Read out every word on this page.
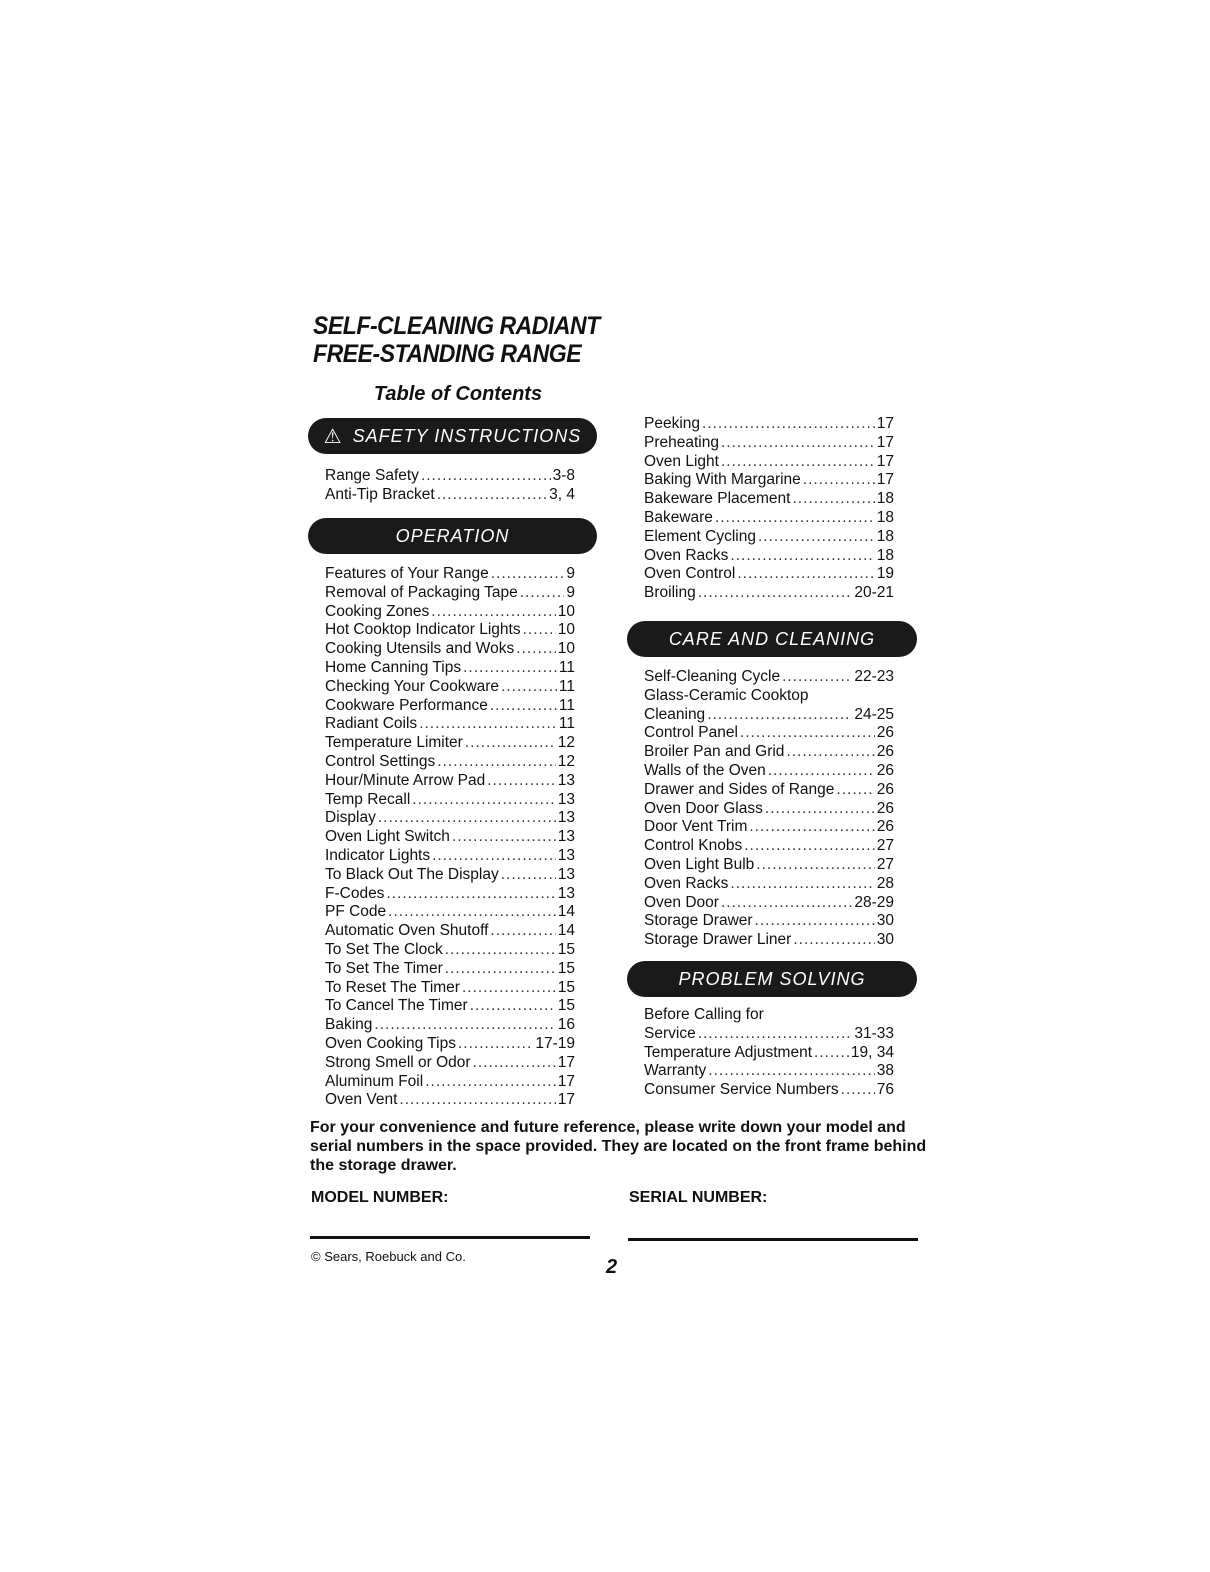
SELF-CLEANING RADIANT
FREE-STANDING RANGE
Table of Contents
⚠ SAFETY INSTRUCTIONS
Range Safety .....	3-8
Anti-Tip Bracket .....	3, 4
OPERATION
Features of Your Range .....	9
Removal of Packaging Tape .....	9
Cooking Zones .....	10
Hot Cooktop Indicator Lights ..... 10
Cooking Utensils and Woks .....	10
Home Canning Tips .....	11
Checking Your Cookware .....	11
Cookware Performance .....	11
Radiant Coils .....	11
Temperature Limiter .....	12
Control Settings .....	12
Hour/Minute Arrow Pad .....	13
Temp Recall .....	13
Display .....	13
Oven Light Switch .....	13
Indicator Lights .....	13
To Black Out The Display .....	13
F-Codes .....	13
PF Code .....	14
Automatic Oven Shutoff .....	14
To Set The Clock .....	15
To Set The Timer .....	15
To Reset The Timer .....	15
To Cancel The Timer .....	15
Baking .....	16
Oven Cooking Tips .....	17-19
Strong Smell or Odor .....	17
Aluminum Foil .....	17
Oven Vent .....	17
Peeking .....	17
Preheating .....	17
Oven Light .....	17
Baking With Margarine .....	17
Bakeware Placement .....	18
Bakeware .....	18
Element Cycling .....	18
Oven Racks .....	18
Oven Control .....	19
Broiling .....	20-21
CARE AND CLEANING
Self-Cleaning Cycle .....	22-23
Glass-Ceramic Cooktop
Cleaning .....	24-25
Control Panel .....	26
Broiler Pan and Grid .....	26
Walls of the Oven .....	26
Drawer and Sides of Range .....	26
Oven Door Glass .....	26
Door Vent Trim .....	26
Control Knobs .....	27
Oven Light Bulb .....	27
Oven Racks .....	28
Oven Door .....	28-29
Storage Drawer .....	30
Storage Drawer Liner .....	30
PROBLEM SOLVING
Before Calling for
Service .....	31-33
Temperature Adjustment .....	19, 34
Warranty .....	38
Consumer Service Numbers ..... 76
For your convenience and future reference, please write down your model and serial numbers in the space provided. They are located on the front frame behind the storage drawer.
MODEL NUMBER:	SERIAL NUMBER:
© Sears, Roebuck and Co.	2
